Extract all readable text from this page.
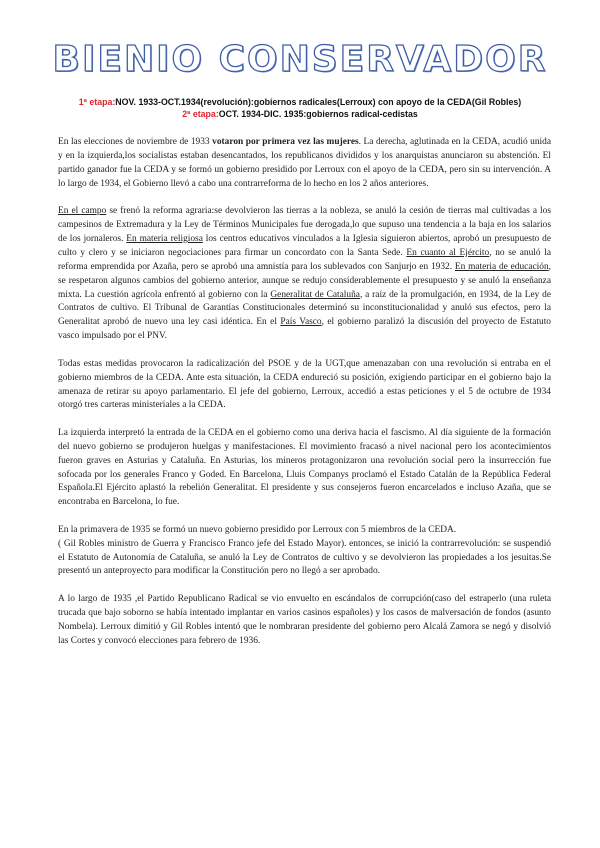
BIENIO CONSERVADOR
1ª etapa:NOV. 1933-OCT.1934(revolución):gobiernos radicales(Lerroux) con apoyo de la CEDA(Gil Robles)
2ª etapa:OCT. 1934-DIC. 1935:gobiernos radical-cedistas

En las elecciones de noviembre de 1933 votaron por primera vez las mujeres. La derecha, aglutinada en la CEDA, acudió unida y en la izquierda,los socialistas estaban desencantados, los republicanos divididos y los anarquistas anunciaron su abstención. El partido ganador fue la CEDA y se formó un gobierno presidido por Lerroux con el apoyo de la CEDA, pero sin su intervención. A lo largo de 1934, el Gobierno llevó a cabo una contrarreforma de lo hecho en los 2 años anteriores.

En el campo se frenó la reforma agraria:se devolvieron las tierras a la nobleza, se anuló la cesión de tierras mal cultivadas a los campesinos de Extremadura y la Ley de Términos Municipales fue derogada,lo que supuso una tendencia a la baja en los salarios de los jornaleros. En materia religiosa los centros educativos vinculados a la Iglesia siguieron abiertos, aprobó un presupuesto de culto y clero y se iniciaron negociaciones para firmar un concordato con la Santa Sede. En cuanto al Ejército, no se anuló la reforma emprendida por Azaña, pero se aprobó una amnistía para los sublevados con Sanjurjo en 1932. En materia de educación, se respetaron algunos cambios del gobierno anterior, aunque se redujo considerablemente el presupuesto y se anuló la enseñanza mixta. La cuestión agrícola enfrentó al gobierno con la Generalitat de Cataluña, a raíz de la promulgación, en 1934, de la Ley de Contratos de cultivo. El Tribunal de Garantías Constitucionales determinó su inconstitucionalidad y anuló sus efectos, pero la Generalitat aprobó de nuevo una ley casi idéntica. En el País Vasco, el gobierno paralizó la discusión del proyecto de Estatuto vasco impulsado por el PNV.

Todas estas medidas provocaron la radicalización del PSOE y de la UGT,que amenazaban con una revolución si entraba en el gobierno miembros de la CEDA. Ante esta situación, la CEDA endureció su posición, exigiendo participar en el gobierno bajo la amenaza de retirar su apoyo parlamentario. El jefe del gobierno, Lerroux, accedió a estas peticiones y el 5 de octubre de 1934 otorgó tres carteras ministeriales a la CEDA.

La izquierda interpretó la entrada de la CEDA en el gobierno como una deriva hacia el fascismo. Al día siguiente de la formación del nuevo gobierno se produjeron huelgas y manifestaciones. El movimiento fracasó a nivel nacional pero los acontecimientos fueron graves en Asturias y Cataluña. En Asturias, los mineros protagonizaron una revolución social pero la insurrección fue sofocada por los generales Franco y Goded. En Barcelona, Lluis Companys proclamó el Estado Catalán de la República Federal Española.El Ejército aplastó la rebelión Generalitat. El presidente y sus consejeros fueron encarcelados e incluso Azaña, que se encontraba en Barcelona, lo fue.

En la primavera de 1935 se formó un nuevo gobierno presidido por Lerroux con 5 miembros de la CEDA.

( Gil Robles ministro de Guerra y Francisco Franco jefe del Estado Mayor). entonces, se inició la contrarrevolución: se suspendió el Estatuto de Autonomía de Cataluña, se anuló la Ley de Contratos de cultivo y se devolvieron las propiedades a los jesuitas.Se presentó un anteproyecto para modificar la Constitución pero no llegó a ser aprobado.

A lo largo de 1935 ,el Partido Republicano Radical se vio envuelto en escándalos de corrupción(caso del estraperlo (una ruleta trucada que bajo soborno se había intentado implantar en varios casinos españoles) y los casos de malversación de fondos (asunto Nombela). Lerroux dimitió y Gil Robles intentó que le nombraran presidente del gobierno pero Alcalá Zamora se negó y disolvió las Cortes y convocó elecciones para febrero de 1936.
